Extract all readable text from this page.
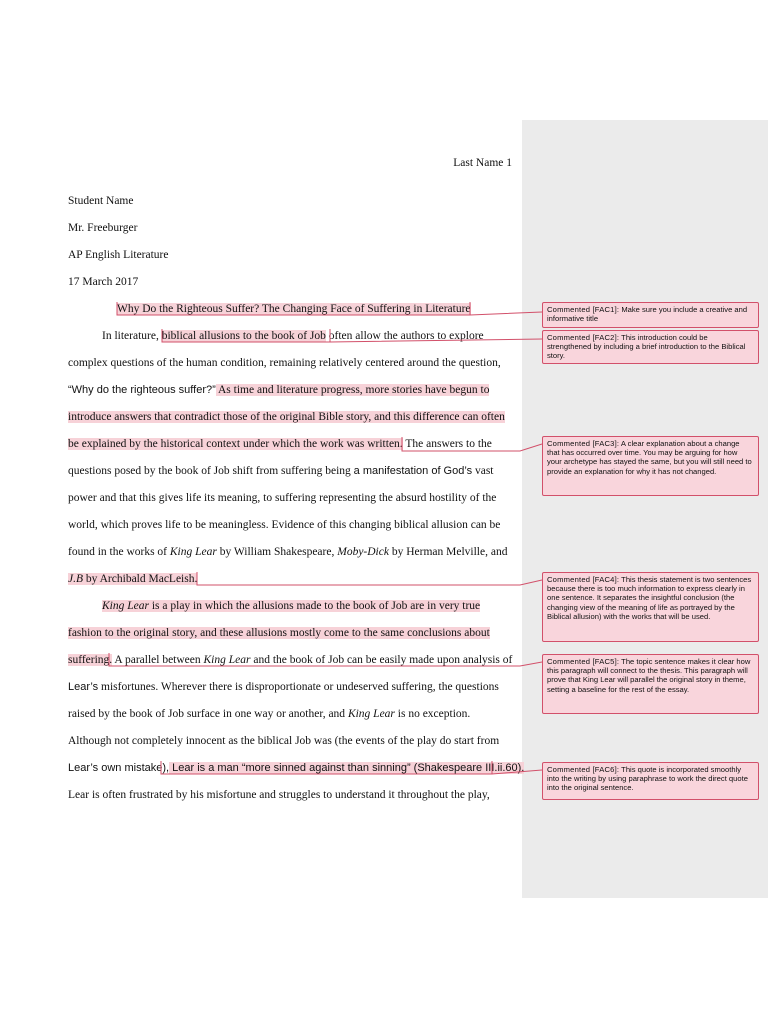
Last Name 1
Student Name
Mr. Freeburger
AP English Literature
17 March 2017
Why Do the Righteous Suffer? The Changing Face of Suffering in Literature
In literature, biblical allusions to the book of Job often allow the authors to explore
complex questions of the human condition, remaining relatively centered around the question,
“Why do the righteous suffer?” As time and literature progress, more stories have begun to
introduce answers that contradict those of the original Bible story, and this difference can often
be explained by the historical context under which the work was written. The answers to the
questions posed by the book of Job shift from suffering being a manifestation of God’s vast
power and that this gives life its meaning, to suffering representing the absurd hostility of the
world, which proves life to be meaningless. Evidence of this changing biblical allusion can be
found in the works of King Lear by William Shakespeare, Moby-Dick by Herman Melville, and
J.B by Archibald MacLeish.
King Lear is a play in which the allusions made to the book of Job are in very true
fashion to the original story, and these allusions mostly come to the same conclusions about
suffering. A parallel between King Lear and the book of Job can be easily made upon analysis of
Lear’s misfortunes. Wherever there is disproportionate or undeserved suffering, the questions
raised by the book of Job surface in one way or another, and King Lear is no exception.
Although not completely innocent as the biblical Job was (the events of the play do start from
Lear’s own mistake), Lear is a man “more sinned against than sinning” (Shakespeare III.ii.60).
Lear is often frustrated by his misfortune and struggles to understand it throughout the play,
Commented [FAC1]: Make sure you include a creative and informative title
Commented [FAC2]: This introduction could be strengthened by including a brief introduction to the Biblical story.
Commented [FAC3]: A clear explanation about a change that has occurred over time. You may be arguing for how your archetype has stayed the same, but you will still need to provide an explanation for why it has not changed.
Commented [FAC4]: This thesis statement is two sentences because there is too much information to express clearly in one sentence. It separates the insightful conclusion (the changing view of the meaning of life as portrayed by the Biblical allusion) with the works that will be used.
Commented [FAC5]: The topic sentence makes it clear how this paragraph will connect to the thesis. This paragraph will prove that King Lear will parallel the original story in theme, setting a baseline for the rest of the essay.
Commented [FAC6]: This quote is incorporated smoothly into the writing by using paraphrase to work the direct quote into the original sentence.
